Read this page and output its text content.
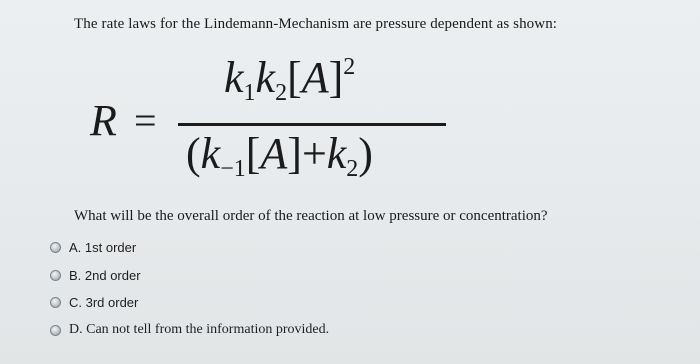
The rate laws for the Lindemann-Mechanism are pressure dependent as shown:
R =
$k1k2[A]^2$
(k−1[A]+k2)
What will be the overall order of the reaction at low pressure or concentration?
A. 1st order
B. 2nd order
C. 3rd order
D. Can not tell from the information provided.
